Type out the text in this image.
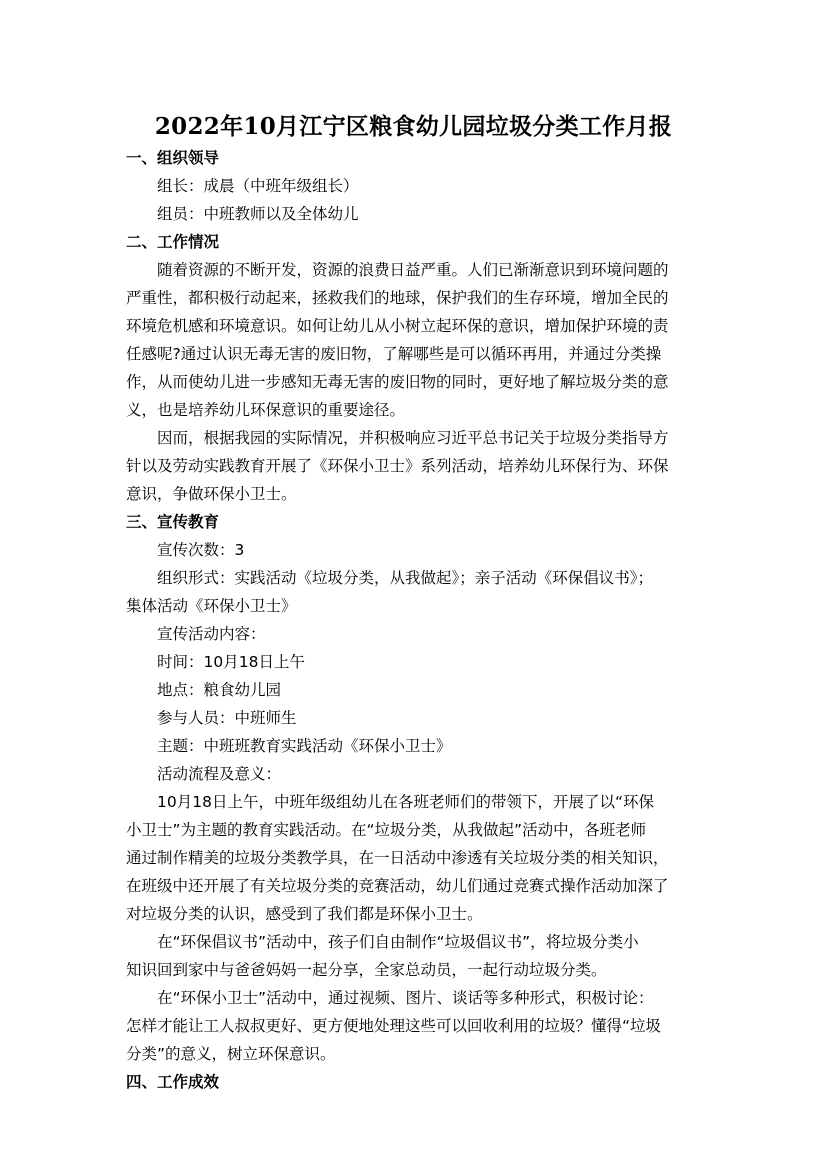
2022年10月江宁区粮食幼儿园垃圾分类工作月报
一、组织领导
组长：成晨（中班年级组长）
组员：中班教师以及全体幼儿
二、工作情况
随着资源的不断开发，资源的浪费日益严重。人们已渐渐意识到环境问题的
严重性，都积极行动起来，拯救我们的地球，保护我们的生存环境，增加全民的
环境危机感和环境意识。如何让幼儿从小树立起环保的意识，增加保护环境的责
任感呢?通过认识无毒无害的废旧物，了解哪些是可以循环再用，并通过分类操
作，从而使幼儿进一步感知无毒无害的废旧物的同时，更好地了解垃圾分类的意
义，也是培养幼儿环保意识的重要途径。
因而，根据我园的实际情况，并积极响应习近平总书记关于垃圾分类指导方
针以及劳动实践教育开展了《环保小卫士》系列活动，培养幼儿环保行为、环保
意识，争做环保小卫士。
三、宣传教育
宣传次数：3
组织形式：实践活动《垃圾分类，从我做起》；亲子活动《环保倡议书》；
集体活动《环保小卫士》
宣传活动内容：
时间：10月18日上午
地点：粮食幼儿园
参与人员：中班师生
主题：中班班教育实践活动《环保小卫士》
活动流程及意义：
10月18日上午，中班年级组幼儿在各班老师们的带领下，开展了以“环保
小卫士”为主题的教育实践活动。在“垃圾分类，从我做起”活动中，各班老师
通过制作精美的垃圾分类教学具，在一日活动中渗透有关垃圾分类的相关知识，
在班级中还开展了有关垃圾分类的竞赛活动，幼儿们通过竞赛式操作活动加深了
对垃圾分类的认识，感受到了我们都是环保小卫士。
在“环保倡议书”活动中，孩子们自由制作“垃圾倡议书”，将垃圾分类小
知识回到家中与爸爸妈妈一起分享，全家总动员，一起行动垃圾分类。
在“环保小卫士”活动中，通过视频、图片、谈话等多种形式，积极讨论：
怎样才能让工人叔叔更好、更方便地处理这些可以回收利用的垃圾？懂得“垃圾
分类”的意义，树立环保意识。
四、工作成效
